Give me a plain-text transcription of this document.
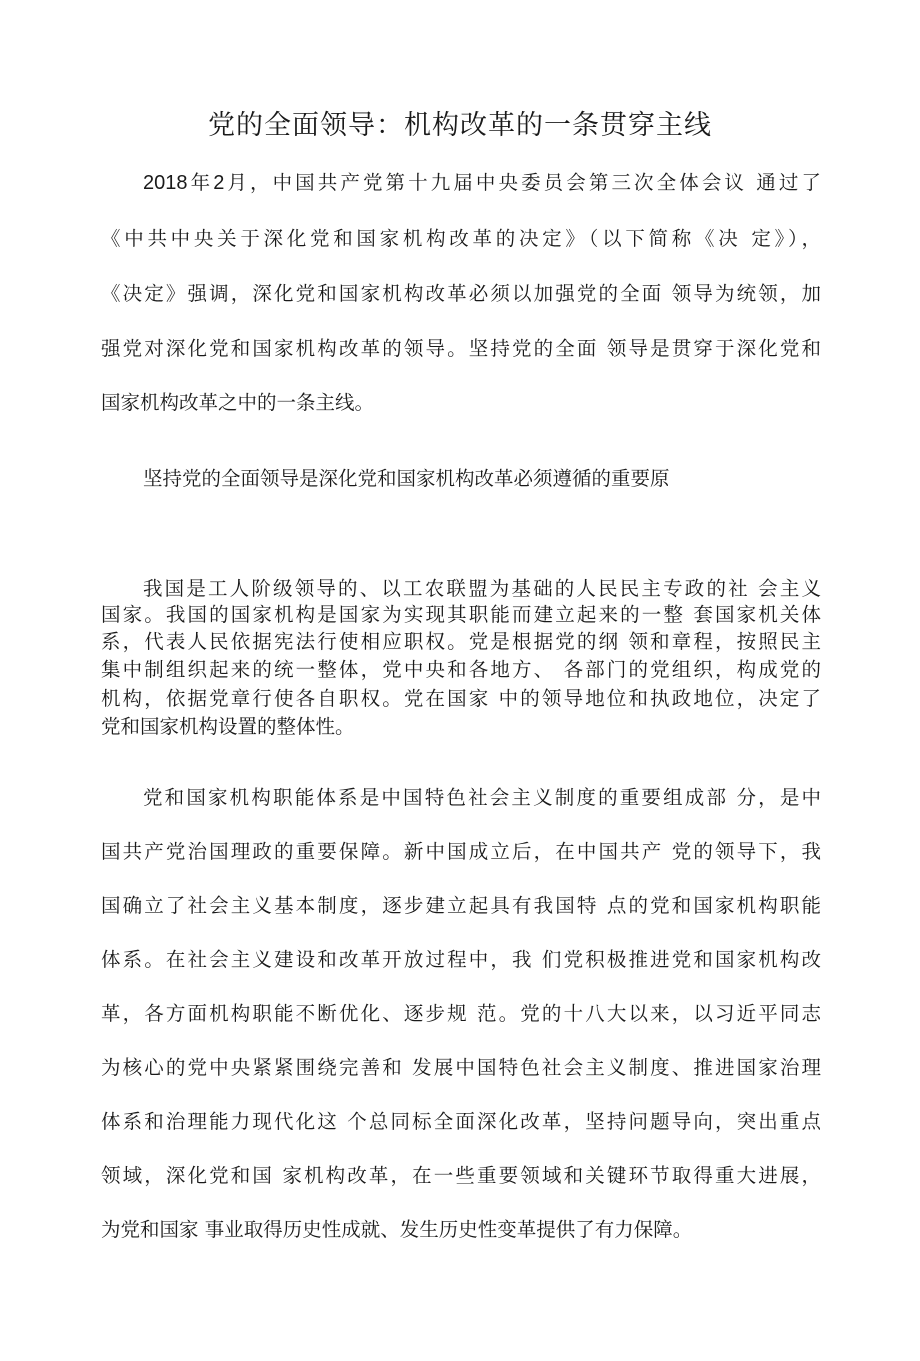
党的全面领导：机构改革的一条贯穿主线
2018年2月，中国共产党第十九届中央委员会第三次全体会议 通过了
《中共中央关于深化党和国家机构改革的决定》（以下简称《决 定》），
《决定》强调，深化党和国家机构改革必须以加强党的全面 领导为统领，加
强党对深化党和国家机构改革的领导。坚持党的全面 领导是贯穿于深化党和
国家机构改革之中的一条主线。
坚持党的全面领导是深化党和国家机构改革必须遵循的重要原
我国是工人阶级领导的、以工农联盟为基础的人民民主专政的社 会主义
国家。我国的国家机构是国家为实现其职能而建立起来的一整 套国家机关体
系，代表人民依据宪法行使相应职权。党是根据党的纲 领和章程，按照民主
集中制组织起来的统一整体，党中央和各地方、 各部门的党组织，构成党的
机构，依据党章行使各自职权。党在国家 中的领导地位和执政地位，决定了
党和国家机构设置的整体性。
党和国家机构职能体系是中国特色社会主义制度的重要组成部 分，是中
国共产党治国理政的重要保障。新中国成立后，在中国共产 党的领导下，我
国确立了社会主义基本制度，逐步建立起具有我国特 点的党和国家机构职能
体系。在社会主义建设和改革开放过程中，我 们党积极推进党和国家机构改
革，各方面机构职能不断优化、逐步规 范。党的十八大以来，以习近平同志
为核心的党中央紧紧围绕完善和 发展中国特色社会主义制度、推进国家治理
体系和治理能力现代化这 个总同标全面深化改革，坚持问题导向，突出重点
领域，深化党和国 家机构改革，在一些重要领域和关键环节取得重大进展，
为党和国家 事业取得历史性成就、发生历史性变革提供了有力保障。
